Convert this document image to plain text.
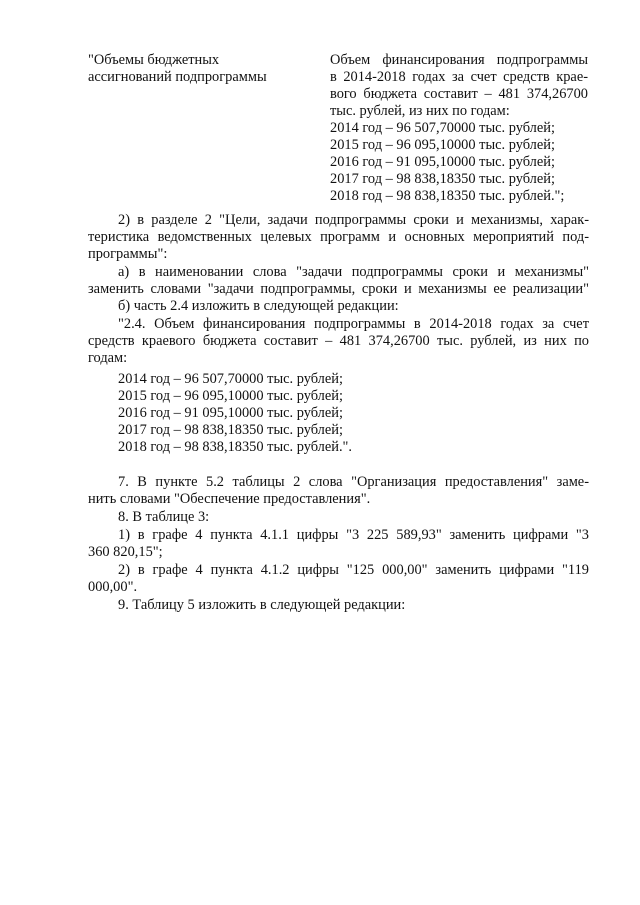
"Объемы бюджетных
ассигнований подпрограммы
Объем финансирования подпрограммы
в 2014-2018 годах за счет средств крае-
вого бюджета составит – 481 374,26700
тыс. рублей, из них по годам:
2014 год – 96 507,70000 тыс. рублей;
2015 год – 96 095,10000 тыс. рублей;
2016 год – 91 095,10000 тыс. рублей;
2017 год – 98 838,18350 тыс. рублей;
2018 год – 98 838,18350 тыс. рублей.";
2) в разделе 2 "Цели, задачи подпрограммы сроки и механизмы, харак-
теристика ведомственных целевых программ и основных мероприятий под-
программы":
а) в наименовании слова "задачи подпрограммы сроки и механизмы"
заменить словами "задачи подпрограммы, сроки и механизмы ее реализации"
б) часть 2.4 изложить в следующей редакции:
"2.4. Объем финансирования подпрограммы в 2014-2018 годах за счет
средств краевого бюджета составит – 481 374,26700 тыс. рублей, из них по
годам:
2014 год – 96 507,70000 тыс. рублей;
2015 год – 96 095,10000 тыс. рублей;
2016 год – 91 095,10000 тыс. рублей;
2017 год – 98 838,18350 тыс. рублей;
2018 год – 98 838,18350 тыс. рублей.".
7. В пункте 5.2 таблицы 2 слова "Организация предоставления" заме-
нить словами "Обеспечение предоставления".
8. В таблице 3:
1) в графе 4 пункта 4.1.1 цифры "3 225 589,93" заменить цифрами "3
360 820,15";
2) в графе 4 пункта 4.1.2 цифры "125 000,00" заменить цифрами "119
000,00".
9. Таблицу 5 изложить в следующей редакции:
